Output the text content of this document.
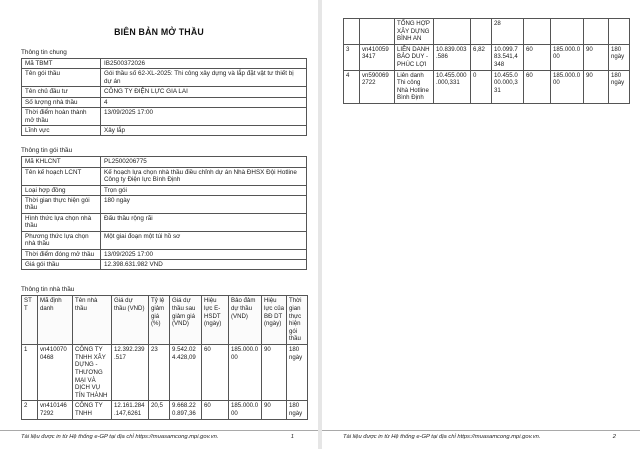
BIÊN BẢN MỞ THẦU
Thông tin chung
Mã TBMT	IB2500372026
Tên gói thầu	Gói thầu số 62-XL-2025: Thi công xây dựng và lắp đặt vật tư thiết bị dự án
Tên chủ đầu tư	CÔNG TY ĐIỆN LỰC GIA LAI
Số lượng nhà thầu	4
Thời điểm hoàn thành mở thầu	13/09/2025 17:00
Lĩnh vực	Xây lắp
Thông tin gói thầu
Mã KHLCNT	PL2500206775
Tên kế hoạch LCNT	Kế hoạch lựa chọn nhà thầu điều chỉnh dự án Nhà ĐHSX Đội Hotline Công ty Điện lực Bình Định
Loại hợp đồng	Trọn gói
Thời gian thực hiện gói thầu	180 ngày
Hình thức lựa chọn nhà thầu	Đấu thầu rộng rãi
Phương thức lựa chọn nhà thầu	Một giai đoạn một túi hồ sơ
Thời điểm đóng mở thầu	13/09/2025 17:00
Giá gói thầu	12.398.631.982 VND
Thông tin nhà thầu
STT	Mã định danh	Tên nhà thầu	Giá dự thầu (VND)	Tỷ lệ giảm giá (%)	Giá dự thầu sau giảm giá (VND)	Hiệu lực E-HSDT (ngày)	Bảo đảm dự thầu (VND)	Hiệu lực của BĐ DT (ngày)	Thời gian thực hiện gói thầu
1	vn4100700468	CÔNG TY TNHH XÂY DỰNG - THƯƠNG MẠI VÀ DỊCH VỤ TÍN THÀNH	12.392.239.517	23	9.542.024.428,09	60	185.000.000	90	180 ngày
2	vn4101467292	CÔNG TY TNHH	12.161.284.147,6261	20,5	9.668.220.897,36	60	185.000.000	90	180 ngày
Tài liệu được in từ Hệ thống e-GP tại địa chỉ https://muasamcong.mpi.gov.vn.	1
		TỔNG HỢP XÂY DỰNG BÌNH AN			28				
3	vn4100593417	LIÊN DANH BẢO DUY - PHÚC LỢI	10.839.003.586	6,82	10.099.783.541,4348	60	185.000.000	90	180 ngày
4	vn5900692722	Liên danh Thi công Nhà Hotline Bình Định	10.455.000.000,331	0	10.455.000.000,331	60	185.000.000	90	180 ngày
Tài liệu được in từ Hệ thống e-GP tại địa chỉ https://muasamcong.mpi.gov.vn.	2
